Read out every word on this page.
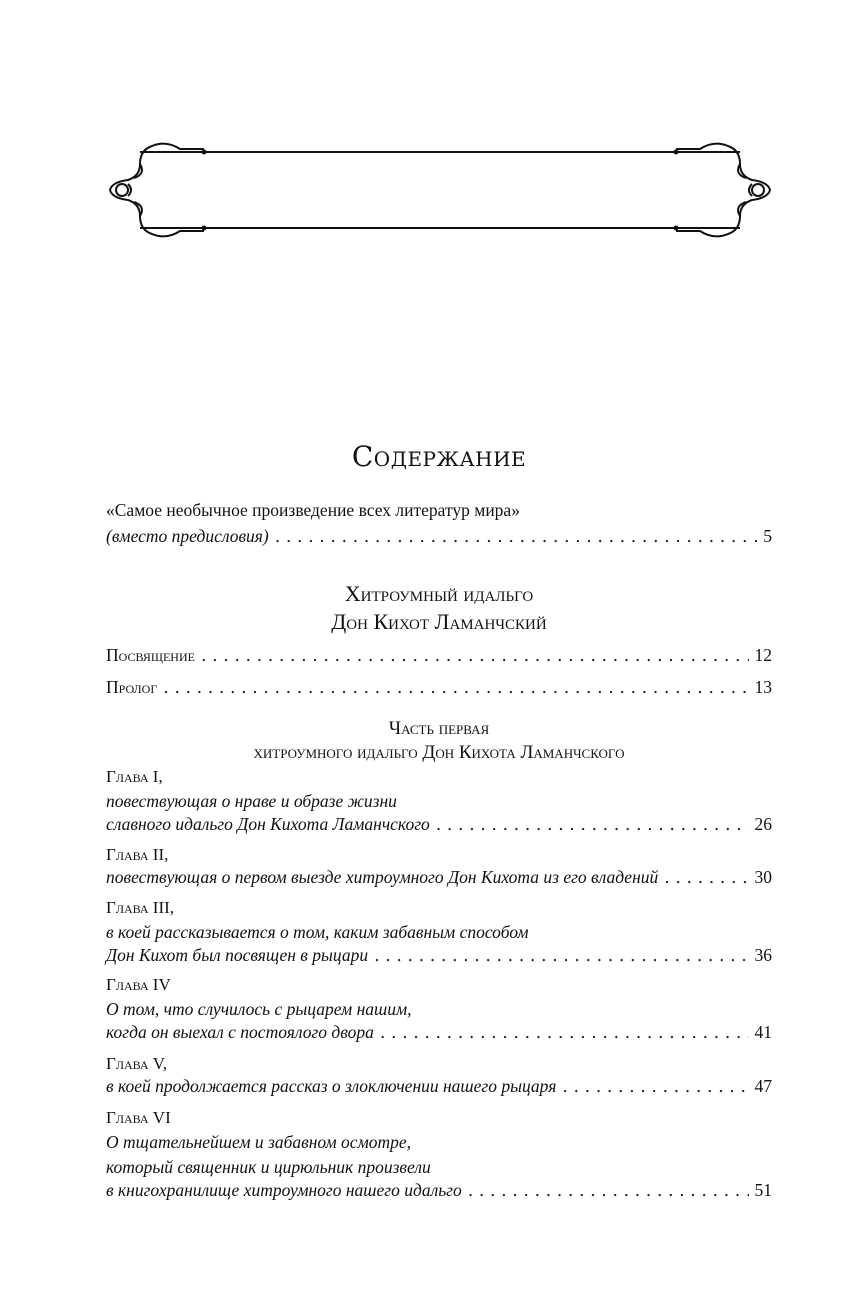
Содержание
«Самое необычное произведение всех литератур мира»
(вместо предисловия) . . .	5
Хитроумный идальго
Дон Кихот Ламанчский
Посвящение . . .	12
Пролог . . .	13
Часть первая
хитроумного идальго Дон Кихота Ламанчского
Глава I,
повествующая о нраве и образе жизни
славного идальго Дон Кихота Ламанчского . . .	26
Глава II,
повествующая о первом выезде хитроумного Дон Кихота из его владений . . .	30
Глава III,
в коей рассказывается о том, каким забавным способом
Дон Кихот был посвящен в рыцари . . .	36
Глава IV
О том, что случилось с рыцарем нашим,
когда он выехал с постоялого двора . . .	41
Глава V,
в коей продолжается рассказ о злоключении нашего рыцаря . . .	47
Глава VI
О тщательнейшем и забавном осмотре,
который священник и цирюльник произвели
в книгохранилище хитроумного нашего идальго . . .	51
